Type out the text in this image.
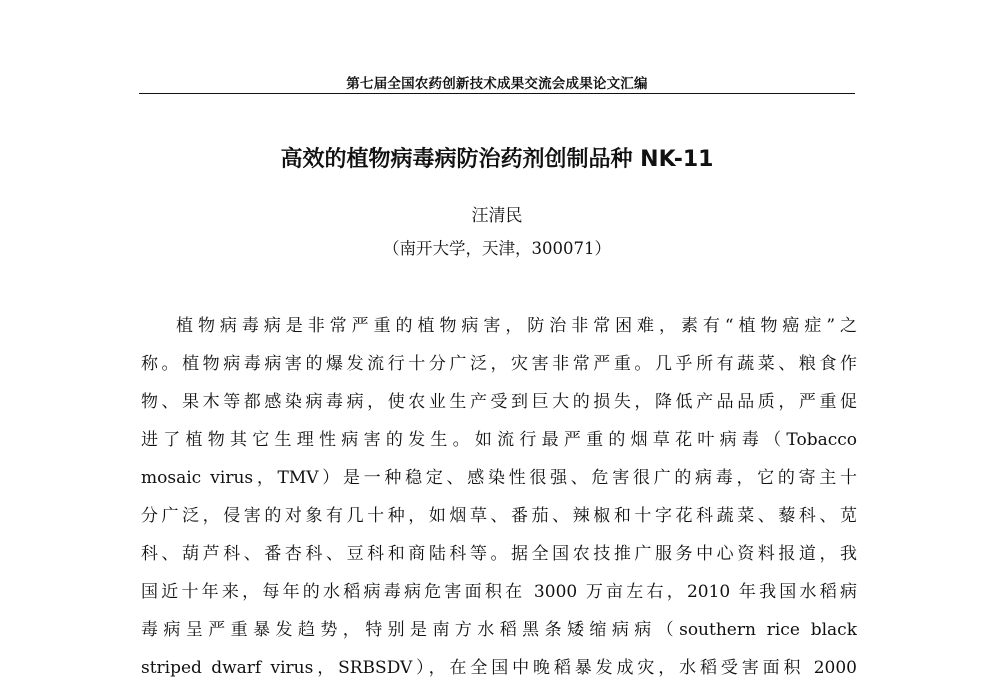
第七届全国农药创新技术成果交流会成果论文汇编
高效的植物病毒病防治药剂创制品种 NK-11
汪清民
（南开大学，天津，300071）
植物病毒病是非常严重的植物病害，防治非常困难，素有“植物癌症”之
称。植物病毒病害的爆发流行十分广泛，灾害非常严重。几乎所有蔬菜、粮食作
物、果木等都感染病毒病，使农业生产受到巨大的损失，降低产品品质，严重促
进了植物其它生理性病害的发生。如流行最严重的烟草花叶病毒（Tobacco
mosaic virus，TMV）是一种稳定、感染性很强、危害很广的病毒，它的寄主十
分广泛，侵害的对象有几十种，如烟草、番茄、辣椒和十字花科蔬菜、藜科、苋
科、葫芦科、番杏科、豆科和商陆科等。据全国农技推广服务中心资料报道，我
国近十年来，每年的水稻病毒病危害面积在 3000 万亩左右，2010 年我国水稻病
毒病呈严重暴发趋势，特别是南方水稻黑条矮缩病病（southern rice black
striped dwarf virus，SRBSDV），在全国中晚稻暴发成灾，水稻受害面积 2000
